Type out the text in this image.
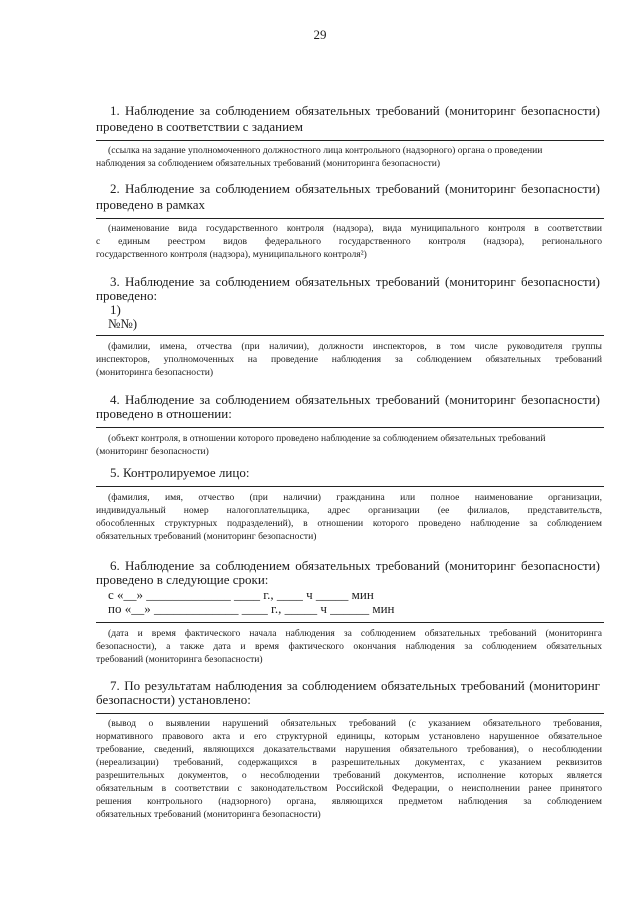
29
1. Наблюдение за соблюдением обязательных требований (мониторинг безопасности)
проведено в соответствии с заданием
(ссылка на задание уполномоченного должностного лица контрольного (надзорного) органа о проведении
наблюдения за соблюдением обязательных требований (мониторинга безопасности)
2. Наблюдение за соблюдением обязательных требований (мониторинг безопасности)
проведено в рамках
(наименование вида государственного контроля (надзора), вида муниципального контроля в соответствии
с единым реестром видов федерального государственного контроля (надзора), регионального
государственного контроля (надзора), муниципального контроля²)
3. Наблюдение за соблюдением обязательных требований (мониторинг безопасности)
проведено:
1)
№№)
(фамилии, имена, отчества (при наличии), должности инспекторов, в том числе руководителя группы
инспекторов, уполномоченных на проведение наблюдения за соблюдением обязательных требований
(мониторинга безопасности)
4. Наблюдение за соблюдением обязательных требований (мониторинг безопасности)
проведено в отношении:
(объект контроля, в отношении которого проведено наблюдение за соблюдением обязательных требований
(мониторинг безопасности)
5. Контролируемое лицо:
(фамилия, имя, отчество (при наличии) гражданина или полное наименование организации,
индивидуальный номер налогоплательщика, адрес организации (ее филиалов, представительств,
обособленных структурных подразделений), в отношении которого проведено наблюдение за соблюдением
обязательных требований (мониторинг безопасности)
6. Наблюдение за соблюдением обязательных требований (мониторинг безопасности)
проведено в следующие сроки:
с «__» _____________ ____ г., ____ ч _____ мин
по «__» _____________ ____ г., _____ ч ______ мин
(дата и время фактического начала наблюдения за соблюдением обязательных требований (мониторинга
безопасности), а также дата и время фактического окончания наблюдения за соблюдением обязательных
требований (мониторинга безопасности)
7. По результатам наблюдения за соблюдением обязательных требований (мониторинг
безопасности) установлено:
(вывод о выявлении нарушений обязательных требований (с указанием обязательного требования,
нормативного правового акта и его структурной единицы, которым установлено нарушенное обязательное
требование, сведений, являющихся доказательствами нарушения обязательного требования), о несоблюдении
(нереализации) требований, содержащихся в разрешительных документах, с указанием реквизитов
разрешительных документов, о несоблюдении требований документов, исполнение которых является
обязательным в соответствии с законодательством Российской Федерации, о неисполнении ранее принятого
решения контрольного (надзорного) органа, являющихся предметом наблюдения за соблюдением
обязательных требований (мониторинга безопасности)
